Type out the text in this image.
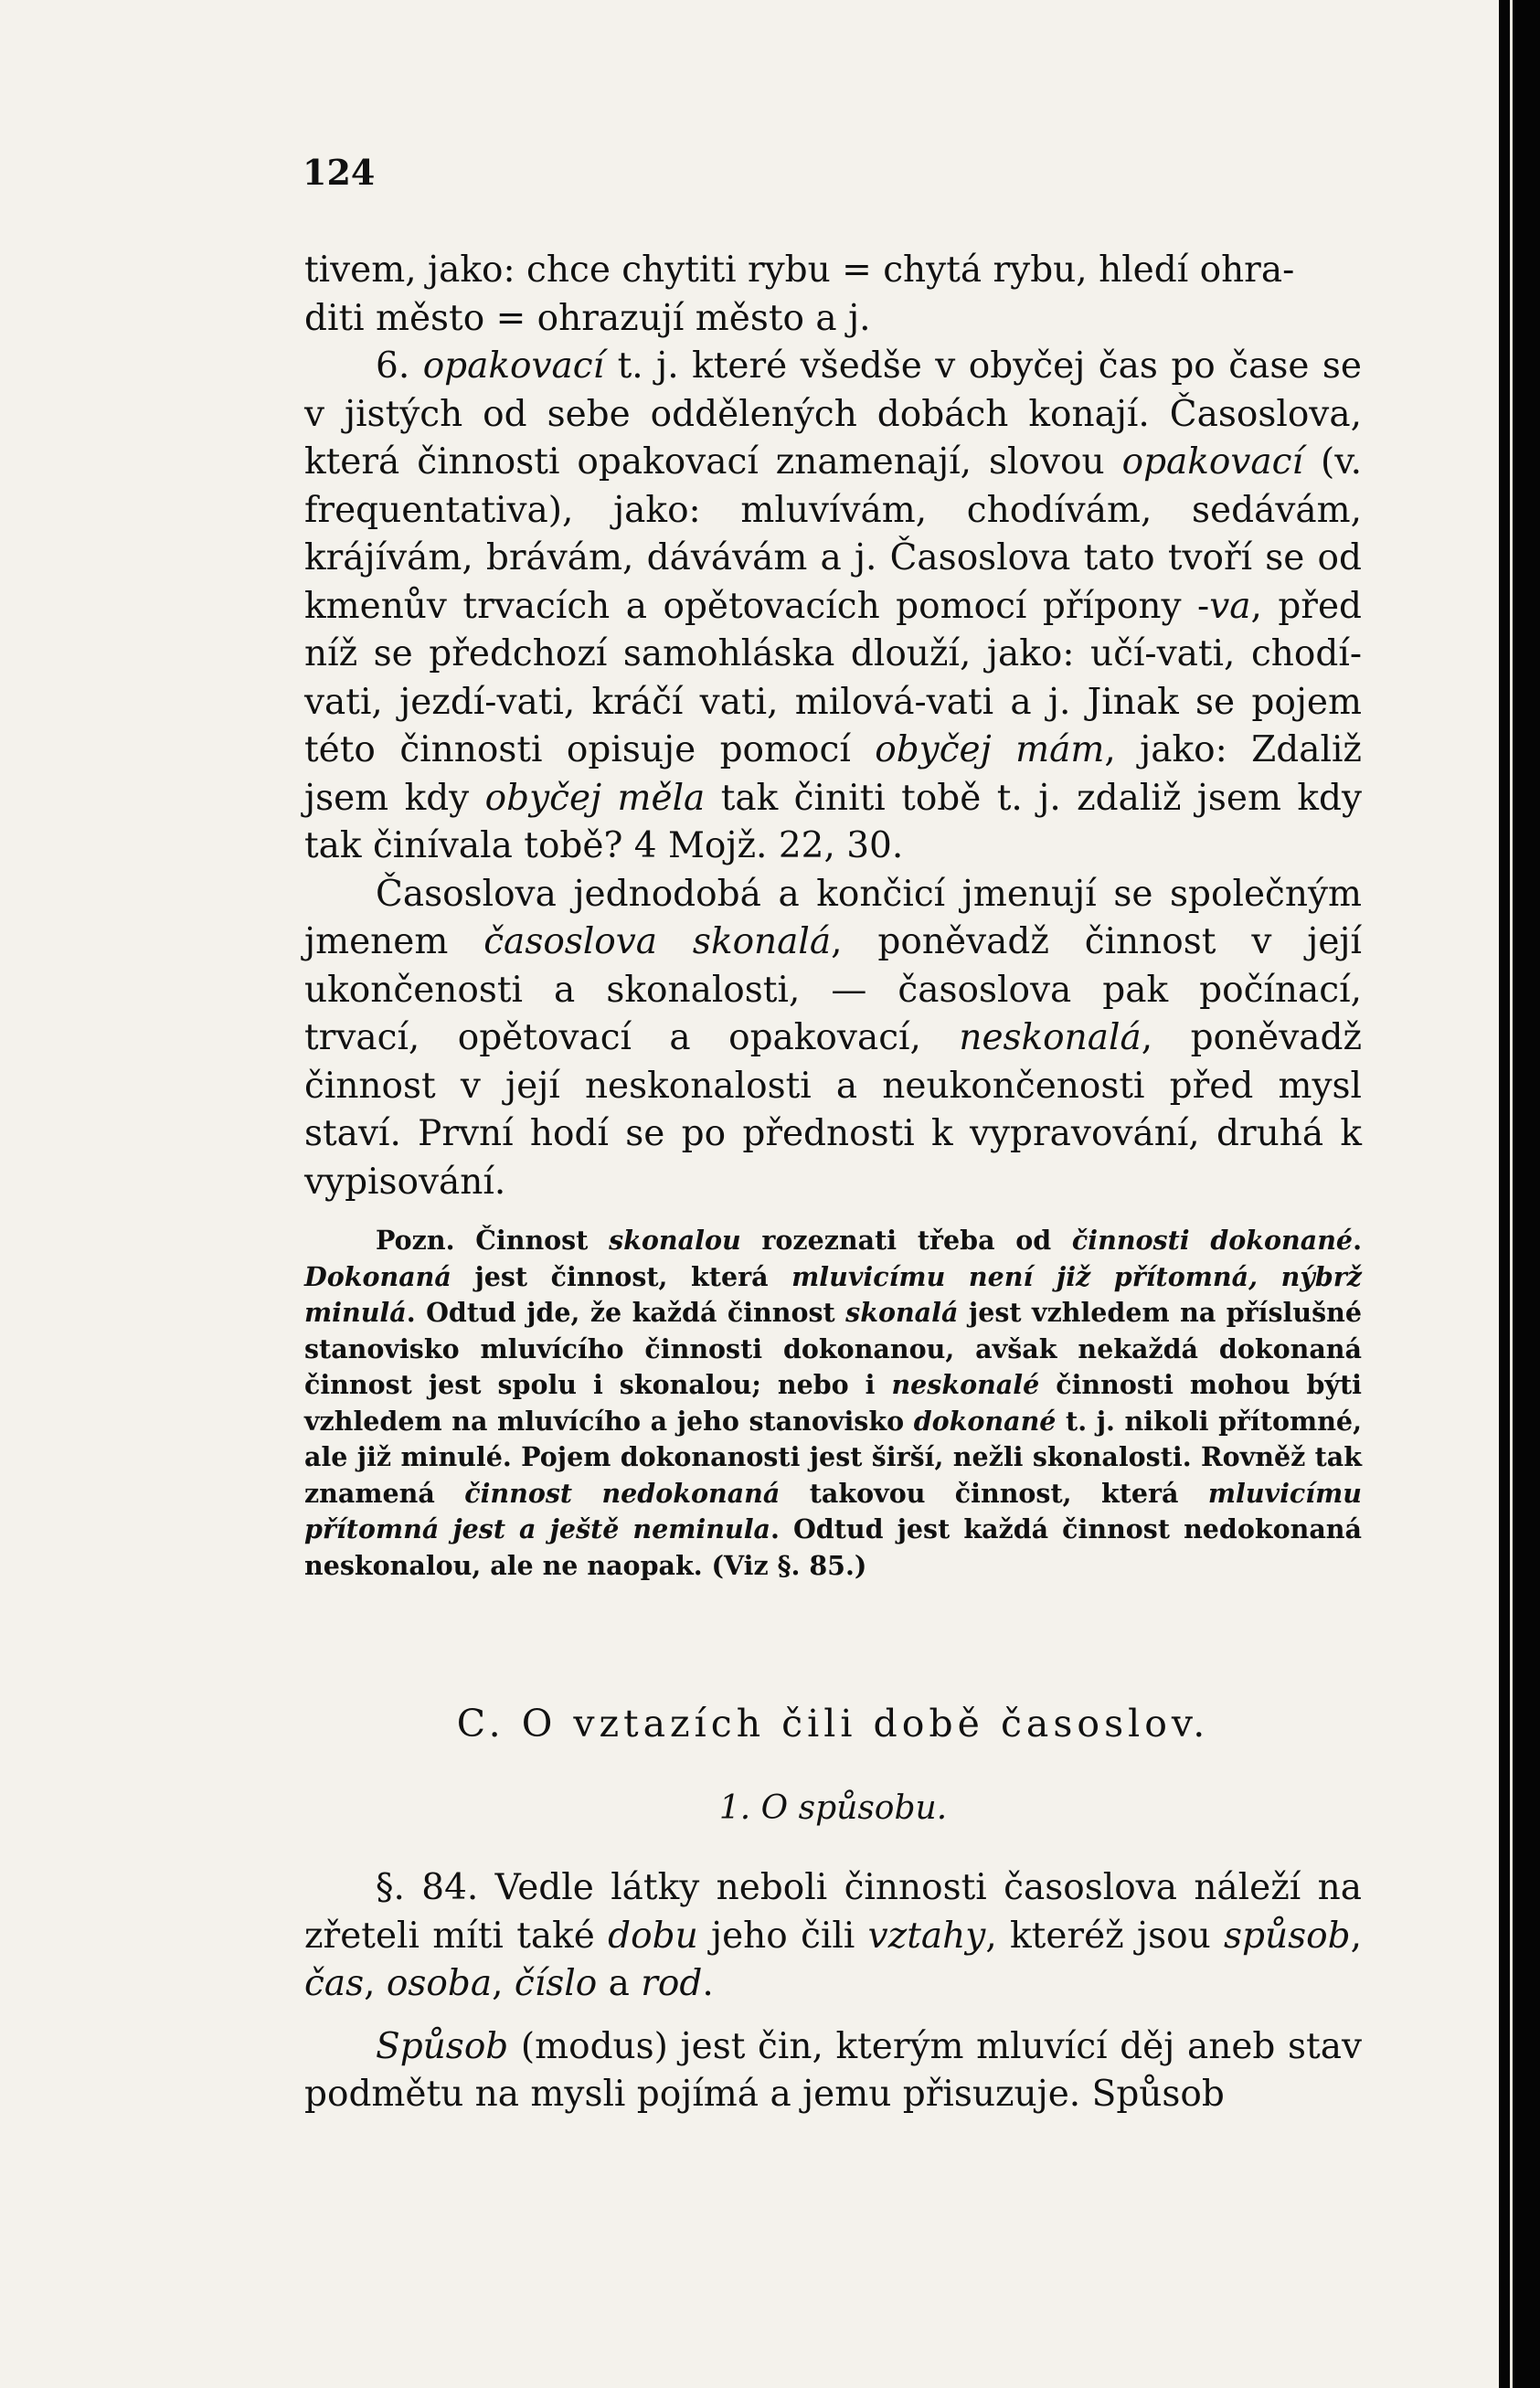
124

tivem, jako: chce chytiti rybu = chytá rybu, hledí ohra-
diti město = ohrazují město a j.

6. opakovací t. j. které všedše v obyčej čas po čase se v jistých od sebe oddělených dobách konají. Časoslova, která činnosti opakovací znamenají, slovou opakovací (v. frequentativa), jako: mluvívám, chodívám, sedávám, krájívám, brávám, dávávám a j. Časoslova tato tvoří se od kmenův trvacích a opětovacích pomocí přípony -va, před níž se předchozí samohláska dlouží, jako: učí-vati, chodí-vati, jezdí-vati, kráčí vati, milová-vati a j. Jinak se pojem této činnosti opisuje pomocí obyčej mám, jako: Zdaliž jsem kdy obyčej měla tak činiti tobě t. j. zdaliž jsem kdy tak činívala tobě? 4 Mojž. 22, 30.

Časoslova jednodobá a končicí jmenují se společným jmenem časoslova skonalá, poněvadž činnost v její ukončenosti a skonalosti, — časoslova pak počínací, trvací, opětovací a opakovací, neskonalá, poněvadž činnost v její neskonalosti a neukončenosti před mysl staví. První hodí se po přednosti k vypravování, druhá k vypisování.

Pozn. Činnost skonalou rozeznati třeba od činnosti dokonané. Dokonaná jest činnost, která mluvicímu není již přítomná, nýbrž minulá. Odtud jde, že každá činnost skonalá jest vzhledem na příslušné stanovisko mluvícího činnosti dokonanou, avšak nekaždá dokonaná činnost jest spolu i skonalou; nebo i neskonalé činnosti mohou býti vzhledem na mluvícího a jeho stanovisko dokonané t. j. nikoli přítomné, ale již minulé. Pojem dokonanosti jest širší, nežli skonalosti. Rovněž tak znamená činnost nedokonaná takovou činnost, která mluvicímu přítomná jest a ještě neminula. Odtud jest každá činnost nedokonaná neskonalou, ale ne naopak. (Viz §. 85.)

C. O vztazích čili době časoslov.
1. O spůsobu.

§. 84. Vedle látky neboli činnosti časoslova náleží na zřeteli míti také dobu jeho čili vztahy, kteréž jsou spůsob, čas, osoba, číslo a rod.

Spůsob (modus) jest čin, kterým mluvící děj aneb stav podmětu na mysli pojímá a jemu přisuzuje. Spůsob
